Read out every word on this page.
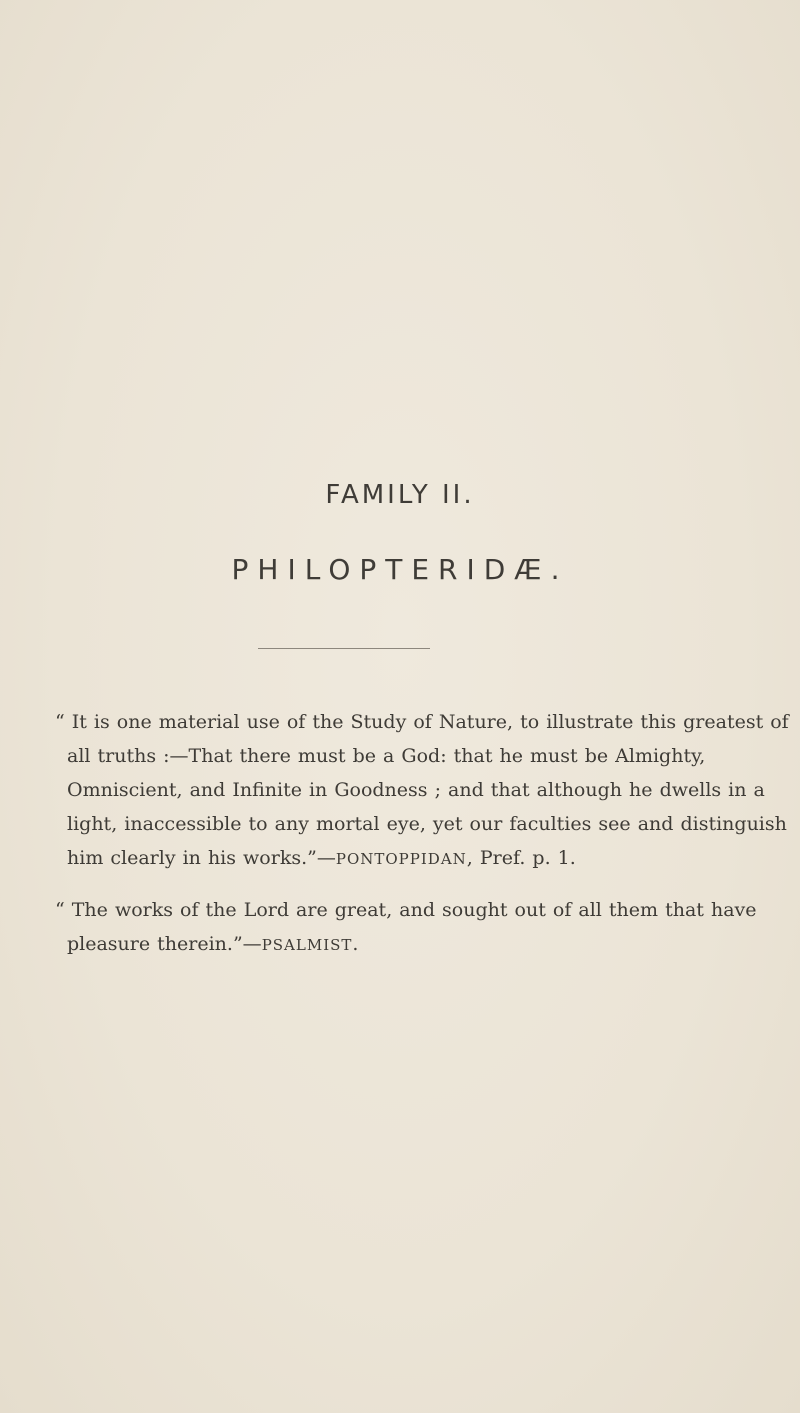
FAMILY II.
PHILOPTERIDÆ.

“ It is one material use of the Study of Nature, to illustrate this greatest of
all truths :—That there must be a God: that he must be Almighty,
Omniscient, and Infinite in Goodness ; and that although he dwells in a
light, inaccessible to any mortal eye, yet our faculties see and distinguish
him clearly in his works.”—PONTOPPIDAN, Pref. p. 1.

“ The works of the Lord are great, and sought out of all them that have
pleasure therein.”—PSALMIST.
